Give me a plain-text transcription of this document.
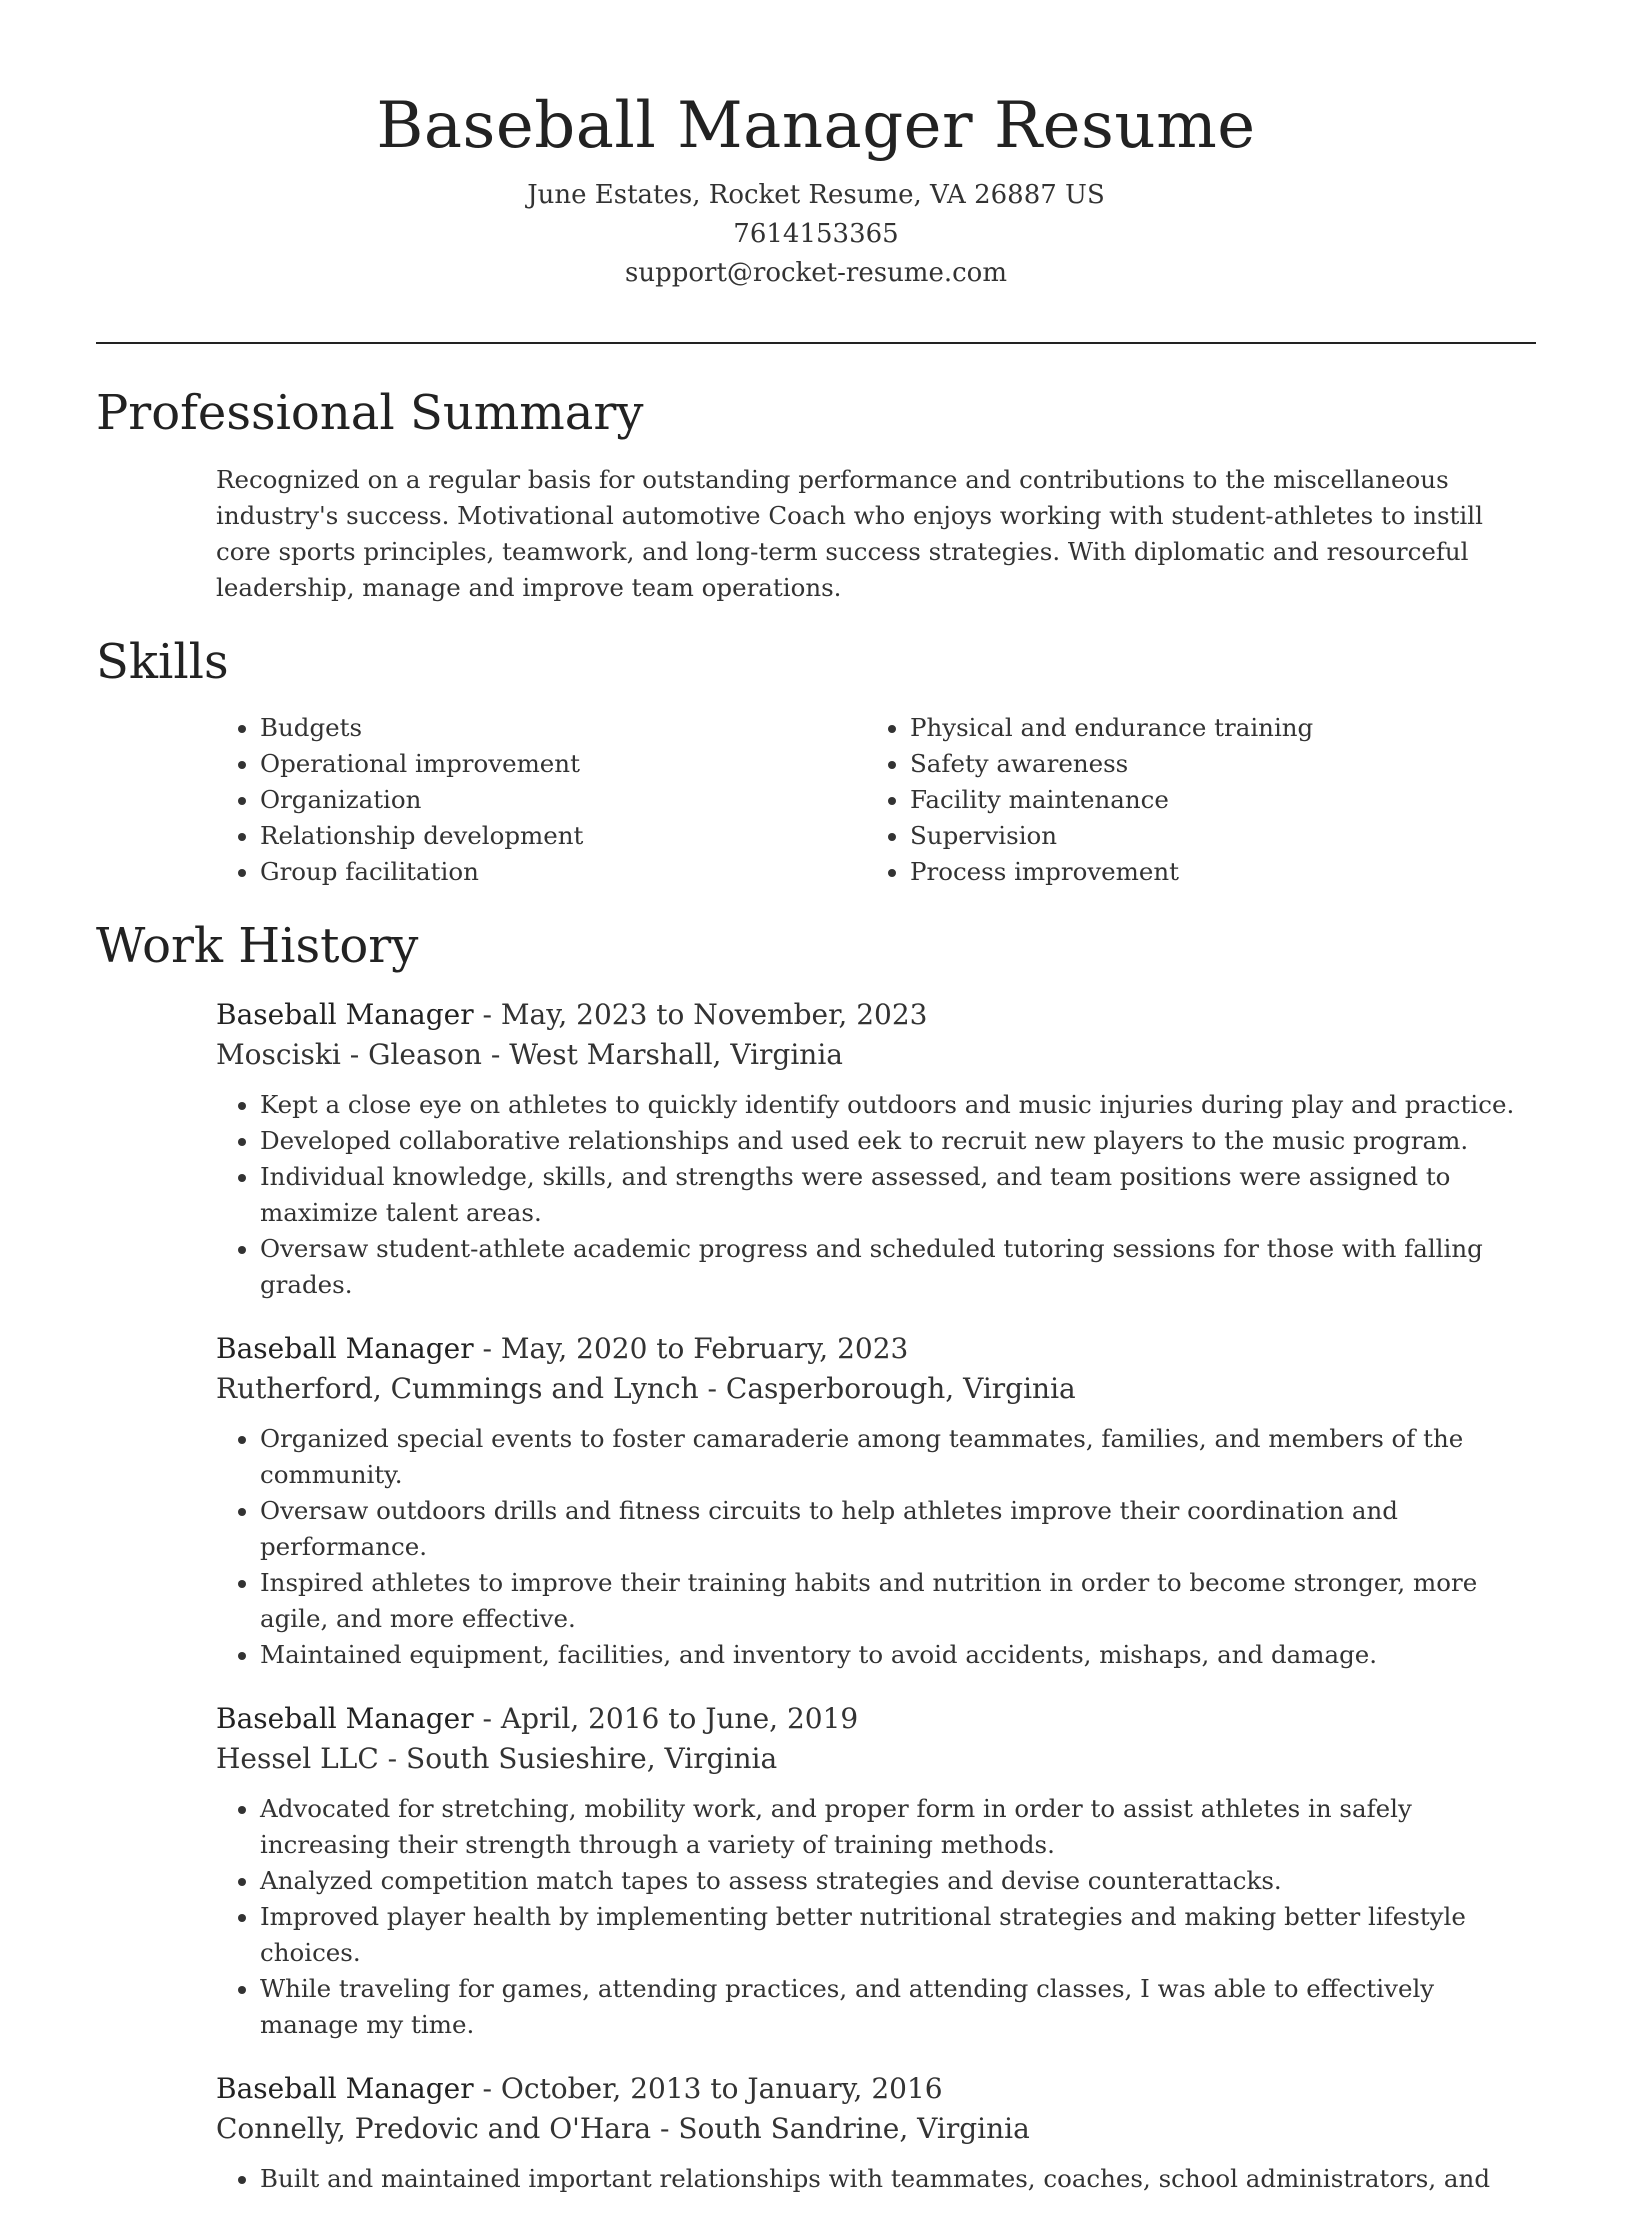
Baseball Manager Resume
June Estates, Rocket Resume, VA 26887 US
7614153365
support@rocket-resume.com
Professional Summary

Recognized on a regular basis for outstanding performance and contributions to the miscellaneous industry's success. Motivational automotive Coach who enjoys working with student-athletes to instill core sports principles, teamwork, and long-term success strategies. With diplomatic and resourceful leadership, manage and improve team operations.

Skills
• Budgets
• Operational improvement
• Organization
• Relationship development
• Group facilitation
• Physical and endurance training
• Safety awareness
• Facility maintenance
• Supervision
• Process improvement
Work History
Baseball Manager - May, 2023 to November, 2023
Mosciski - Gleason - West Marshall, Virginia
• Kept a close eye on athletes to quickly identify outdoors and music injuries during play and practice.
• Developed collaborative relationships and used eek to recruit new players to the music program.
• Individual knowledge, skills, and strengths were assessed, and team positions were assigned to maximize talent areas.
• Oversaw student-athlete academic progress and scheduled tutoring sessions for those with falling grades.
Baseball Manager - May, 2020 to February, 2023
Rutherford, Cummings and Lynch - Casperborough, Virginia
• Organized special events to foster camaraderie among teammates, families, and members of the community.
• Oversaw outdoors drills and fitness circuits to help athletes improve their coordination and performance.
• Inspired athletes to improve their training habits and nutrition in order to become stronger, more agile, and more effective.
• Maintained equipment, facilities, and inventory to avoid accidents, mishaps, and damage.
Baseball Manager - April, 2016 to June, 2019
Hessel LLC - South Susieshire, Virginia
• Advocated for stretching, mobility work, and proper form in order to assist athletes in safely increasing their strength through a variety of training methods.
• Analyzed competition match tapes to assess strategies and devise counterattacks.
• Improved player health by implementing better nutritional strategies and making better lifestyle choices.
• While traveling for games, attending practices, and attending classes, I was able to effectively manage my time.
Baseball Manager - October, 2013 to January, 2016
Connelly, Predovic and O'Hara - South Sandrine, Virginia
• Built and maintained important relationships with teammates, coaches, school administrators, and
